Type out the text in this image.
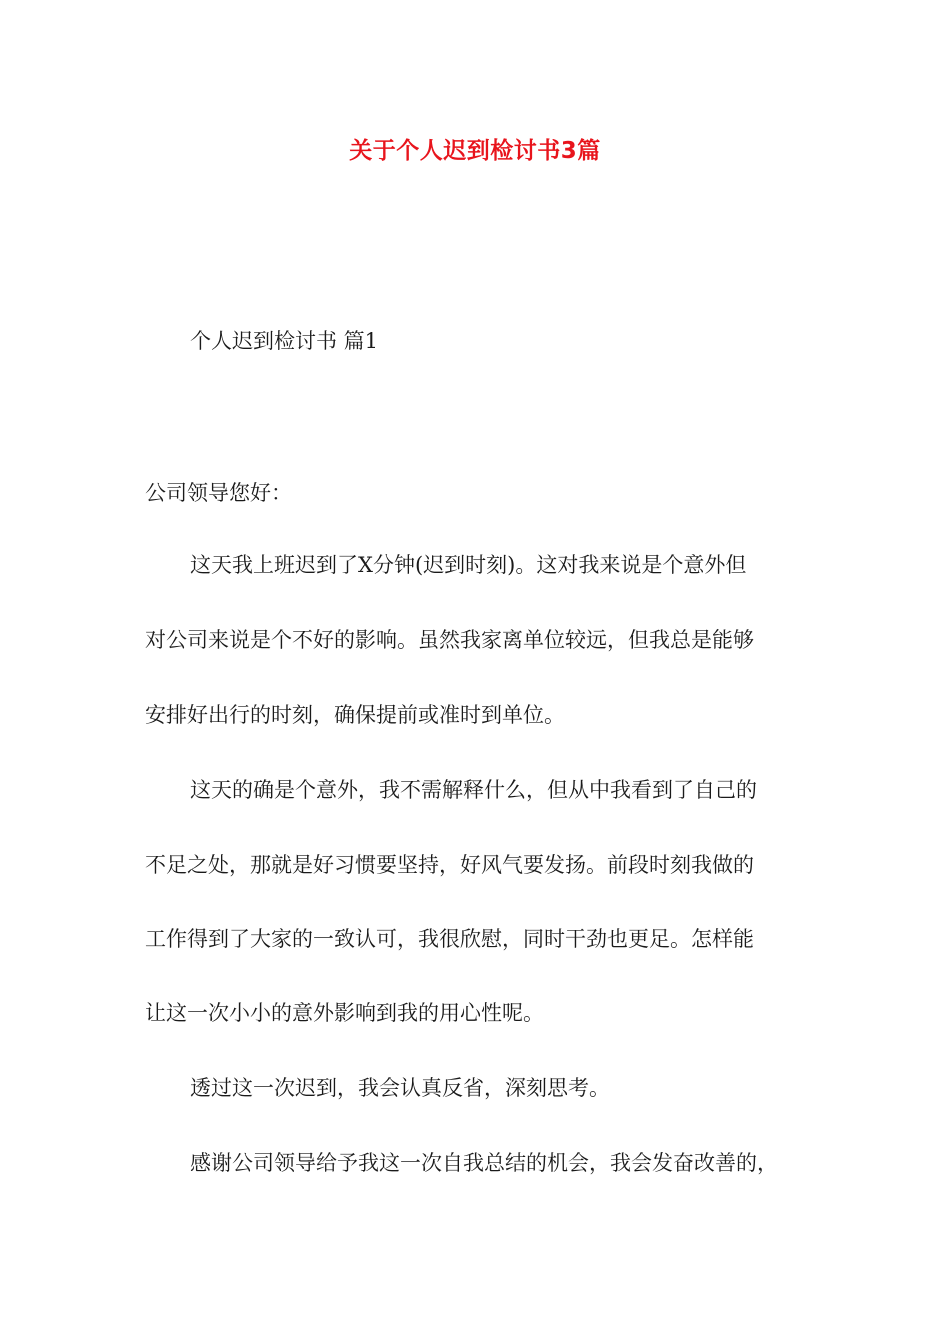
关于个人迟到检讨书3篇
个人迟到检讨书 篇1
公司领导您好：
这天我上班迟到了X分钟(迟到时刻)。这对我来说是个意外但
对公司来说是个不好的影响。虽然我家离单位较远，但我总是能够
安排好出行的时刻，确保提前或准时到单位。
这天的确是个意外，我不需解释什么，但从中我看到了自己的
不足之处，那就是好习惯要坚持，好风气要发扬。前段时刻我做的
工作得到了大家的一致认可，我很欣慰，同时干劲也更足。怎样能
让这一次小小的意外影响到我的用心性呢。
透过这一次迟到，我会认真反省，深刻思考。
感谢公司领导给予我这一次自我总结的机会，我会发奋改善的，
